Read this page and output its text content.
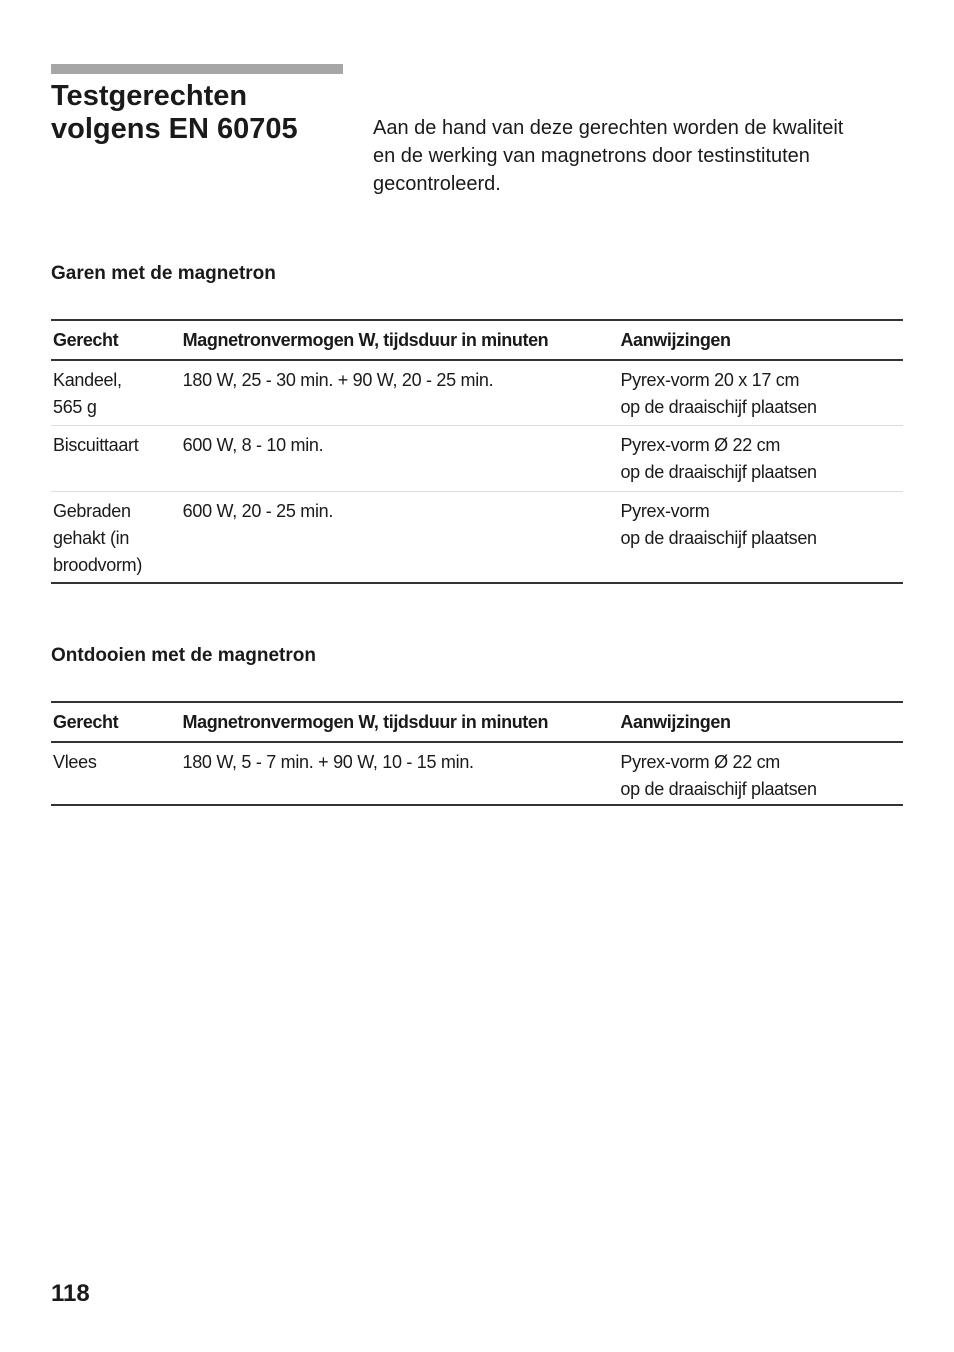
Testgerechten
volgens EN 60705	Aan de hand van deze gerechten worden de kwaliteit
en de werking van magnetrons door testinstituten
gecontroleerd.
Garen met de magnetron
Gerecht	Magnetronvermogen W, tijdsduur in minuten	Aanwijzingen

Kandeel,
565 g	180 W, 25 - 30 min. + 90 W, 20 - 25 min.	Pyrex-vorm 20 x 17 cm
op de draaischijf plaatsen

Biscuittaart	600 W, 8 - 10 min.	Pyrex-vorm Ø 22 cm
op de draaischijf plaatsen

Gebraden
gehakt (in
broodvorm)	600 W, 20 - 25 min.	Pyrex-vorm
op de draaischijf plaatsen
Ontdooien met de magnetron
Gerecht	Magnetronvermogen W, tijdsduur in minuten	Aanwijzingen

Vlees	180 W, 5 - 7 min. + 90 W, 10 - 15 min.	Pyrex-vorm Ø 22 cm
op de draaischijf plaatsen
118
